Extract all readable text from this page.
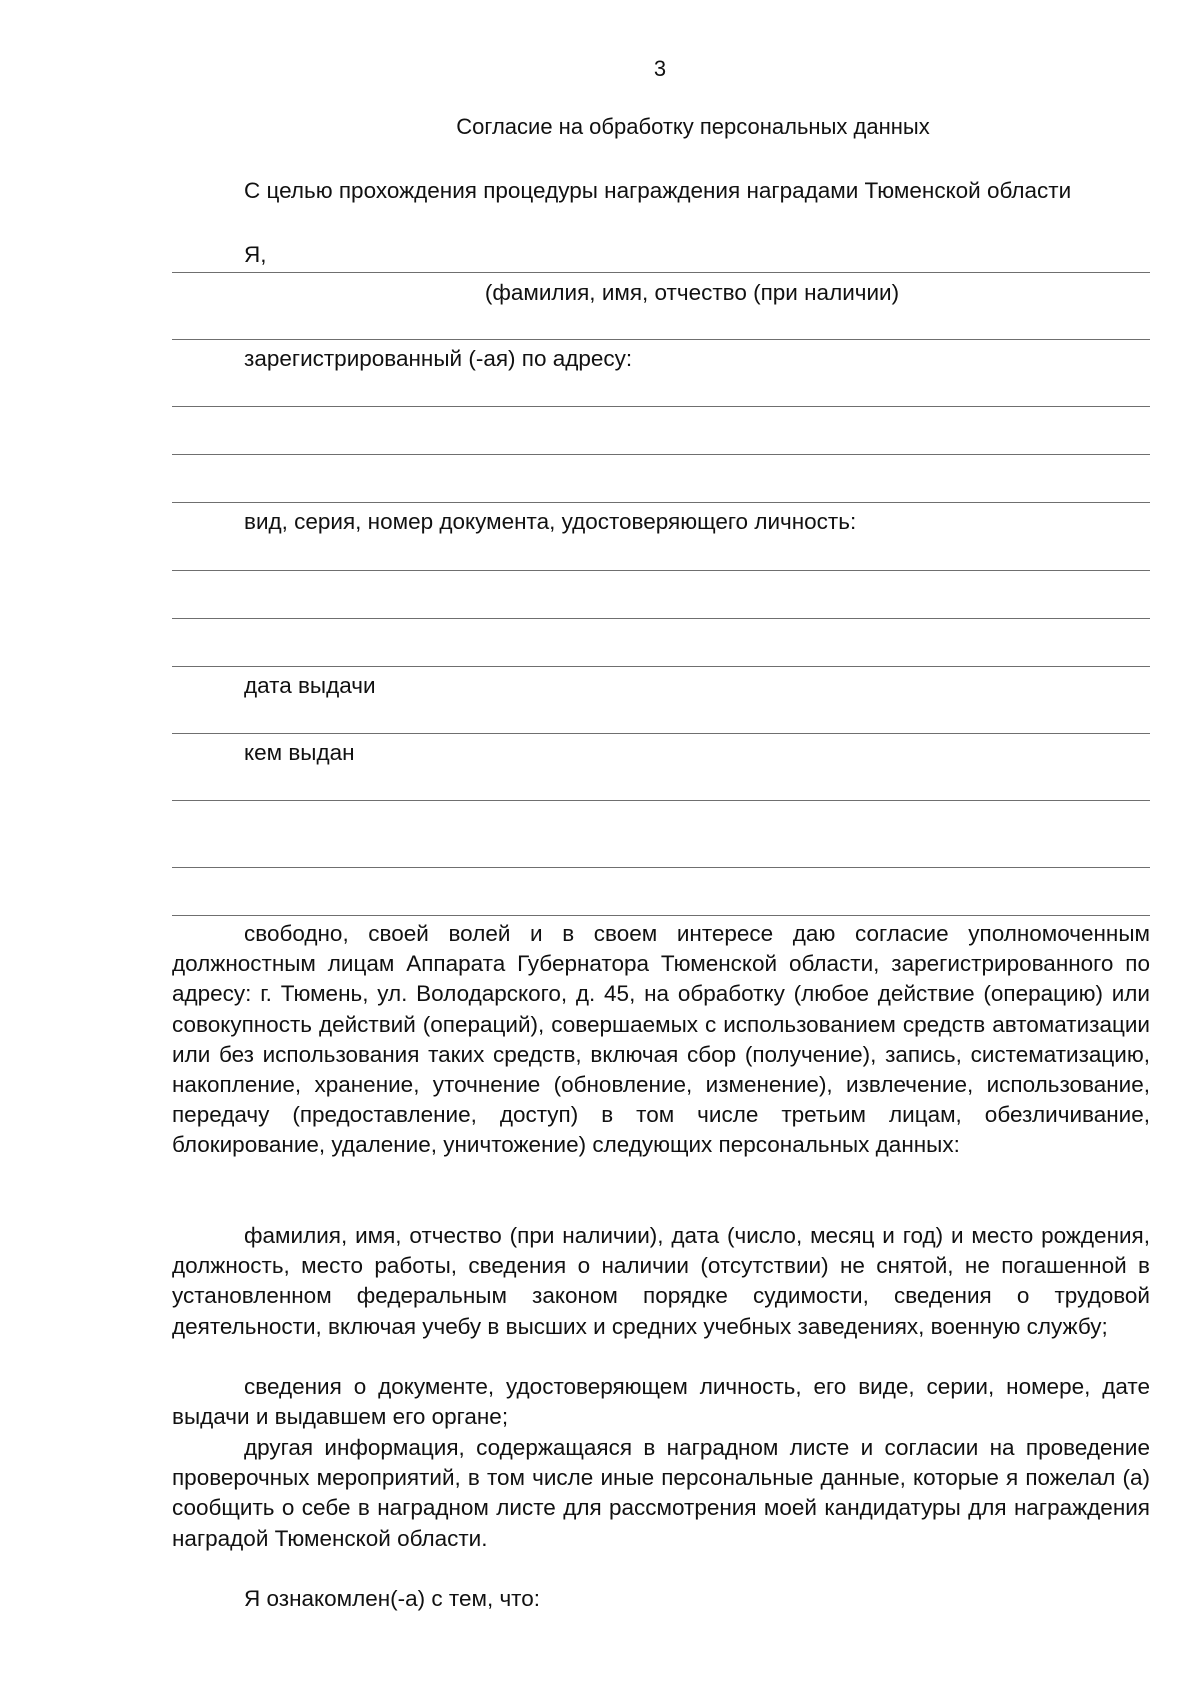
3
Согласие на обработку персональных данных
С целью прохождения процедуры награждения наградами Тюменской области
Я,
(фамилия, имя, отчество (при наличии)
зарегистрированный (-ая) по адресу:
вид, серия, номер документа, удостоверяющего личность:
дата выдачи
кем выдан
свободно, своей волей и в своем интересе даю согласие уполномоченным должностным лицам Аппарата Губернатора Тюменской области, зарегистрированного по адресу: г. Тюмень, ул. Володарского, д. 45, на обработку (любое действие (операцию) или совокупность действий (операций), совершаемых с использованием средств автоматизации или без использования таких средств, включая сбор (получение), запись, систематизацию, накопление, хранение, уточнение (обновление, изменение), извлечение, использование, передачу (предоставление, доступ) в том числе третьим лицам, обезличивание, блокирование, удаление, уничтожение) следующих персональных данных:
фамилия, имя, отчество (при наличии), дата (число, месяц и год) и место рождения, должность, место работы, сведения о наличии (отсутствии) не снятой, не погашенной в установленном федеральным законом порядке судимости, сведения о трудовой деятельности, включая учебу в высших и средних учебных заведениях, военную службу;
сведения о документе, удостоверяющем личность, его виде, серии, номере, дате выдачи и выдавшем его органе;
другая информация, содержащаяся в наградном листе и согласии на проведение проверочных мероприятий, в том числе иные персональные данные, которые я пожелал (а) сообщить о себе в наградном листе для рассмотрения моей кандидатуры для награждения наградой Тюменской области.
Я ознакомлен(-а) с тем, что:
